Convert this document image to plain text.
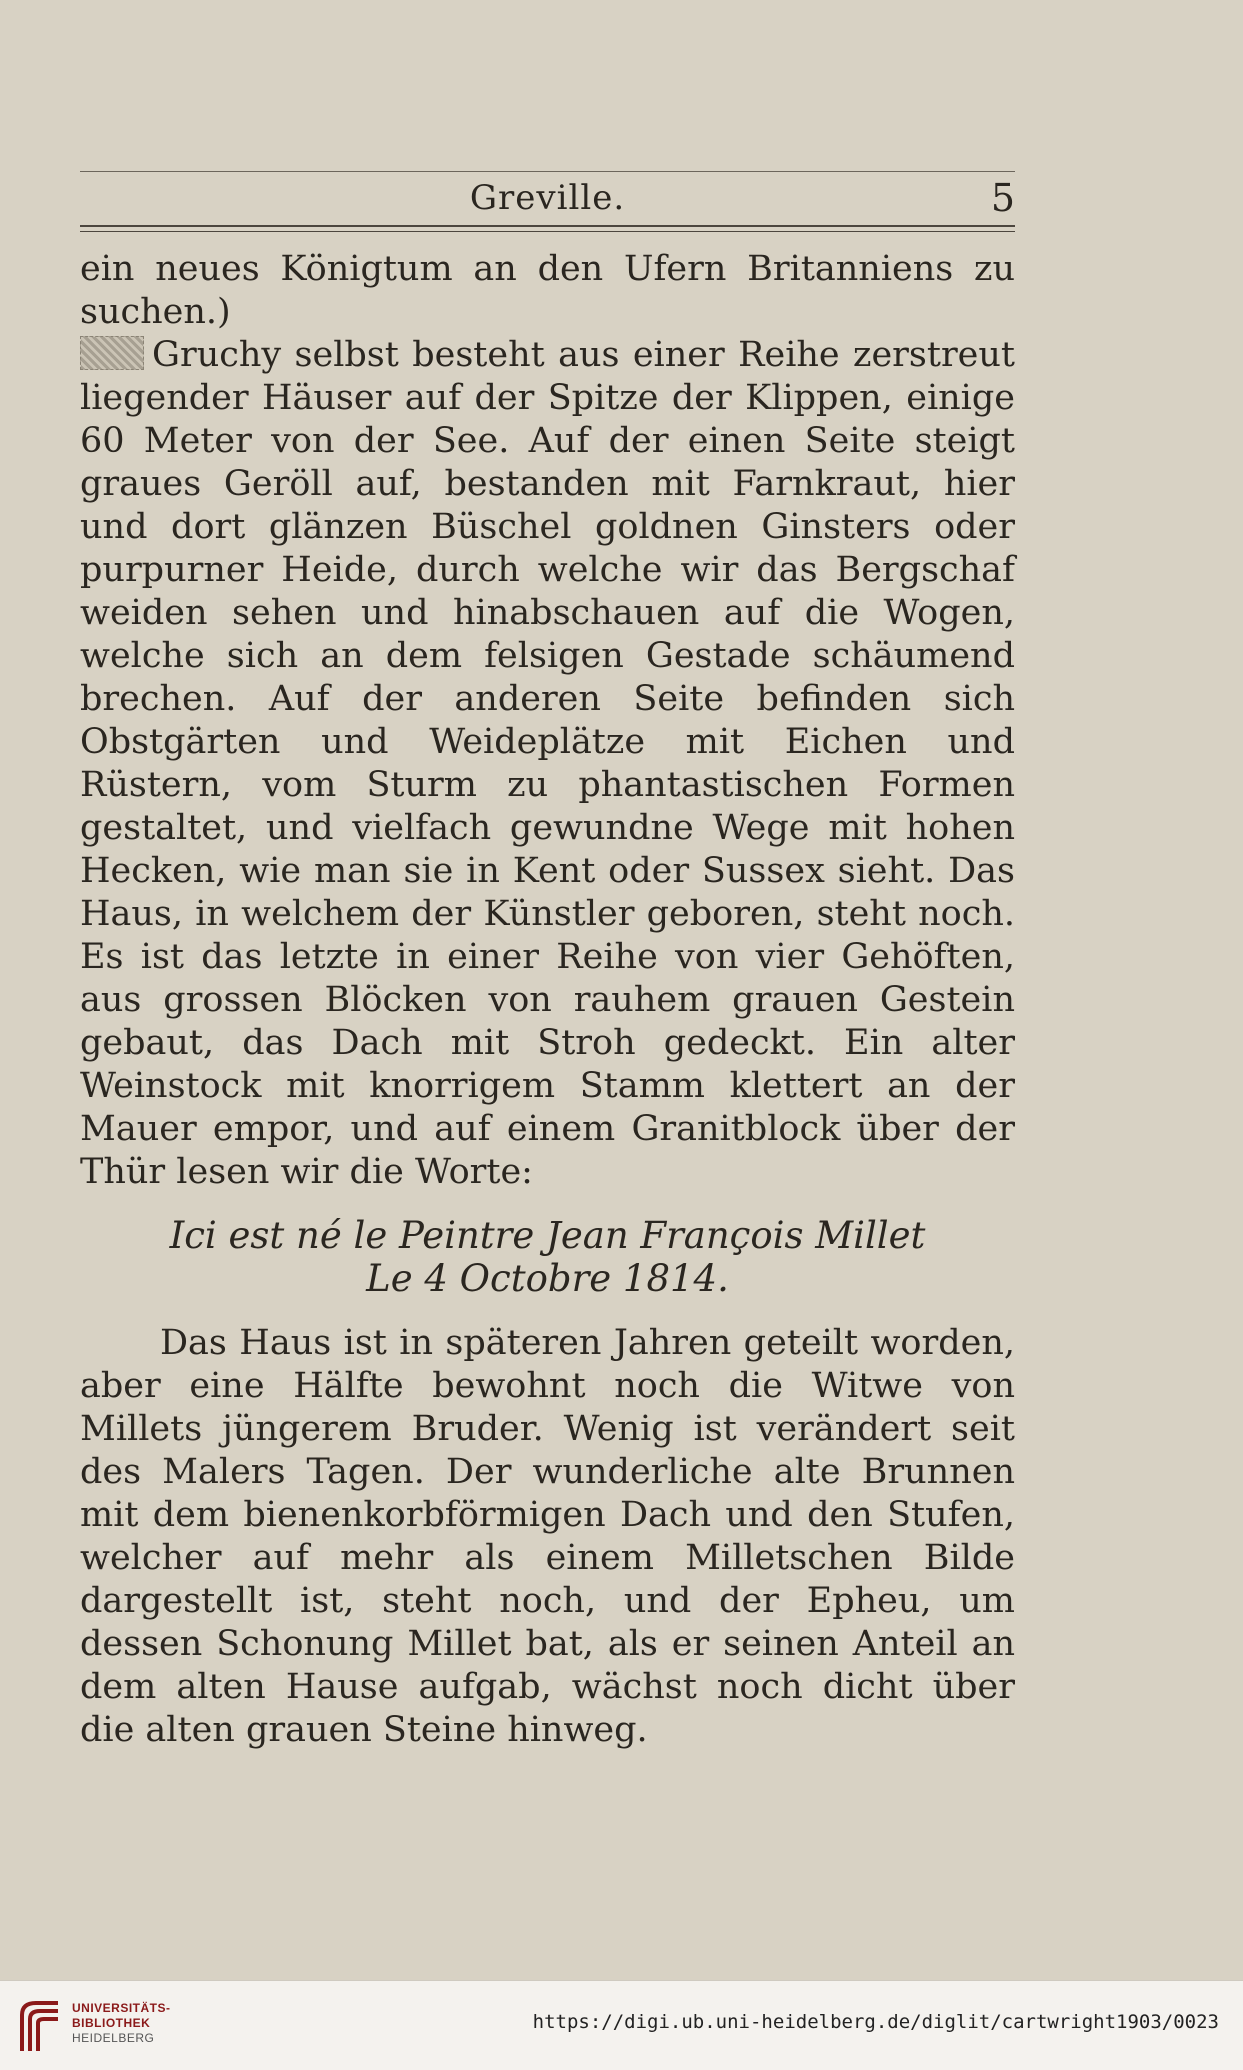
Greville.	5

ein neues Königtum an den Ufern Britanniens zu suchen.)

Gruchy selbst besteht aus einer Reihe zerstreut liegender Häuser auf der Spitze der Klippen, einige 60 Meter von der See. Auf der einen Seite steigt graues Geröll auf, bestanden mit Farnkraut, hier und dort glänzen Büschel goldnen Ginsters oder purpurner Heide, durch welche wir das Bergschaf weiden sehen und hinabschauen auf die Wogen, welche sich an dem felsigen Gestade schäumend brechen. Auf der anderen Seite befinden sich Obstgärten und Weideplätze mit Eichen und Rüstern, vom Sturm zu phantastischen Formen gestaltet, und vielfach gewundne Wege mit hohen Hecken, wie man sie in Kent oder Sussex sieht. Das Haus, in welchem der Künstler geboren, steht noch. Es ist das letzte in einer Reihe von vier Gehöften, aus grossen Blöcken von rauhem grauen Gestein gebaut, das Dach mit Stroh gedeckt. Ein alter Weinstock mit knorrigem Stamm klettert an der Mauer empor, und auf einem Granitblock über der Thür lesen wir die Worte:

Ici est né le Peintre Jean François Millet
Le 4 Octobre 1814.

Das Haus ist in späteren Jahren geteilt worden, aber eine Hälfte bewohnt noch die Witwe von Millets jüngerem Bruder. Wenig ist verändert seit des Malers Tagen. Der wunderliche alte Brunnen mit dem bienenkorbförmigen Dach und den Stufen, welcher auf mehr als einem Milletschen Bilde dargestellt ist, steht noch, und der Epheu, um dessen Schonung Millet bat, als er seinen Anteil an dem alten Hause aufgab, wächst noch dicht über die alten grauen Steine hinweg.

UNIVERSITÄTS-
BIBLIOTHEK
HEIDELBERG
https://digi.ub.uni-heidelberg.de/diglit/cartwright1903/0023
